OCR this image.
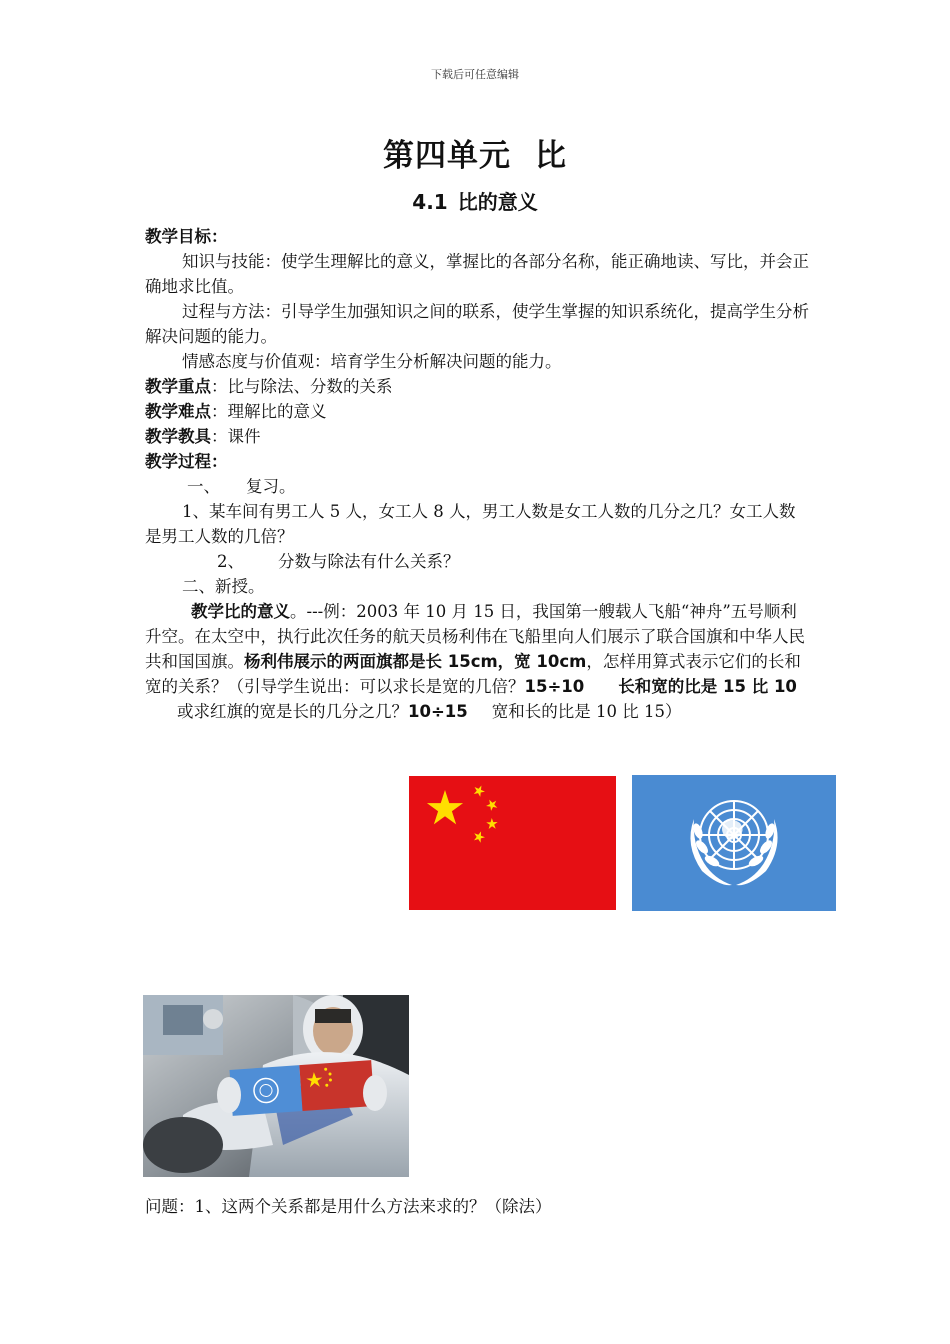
下载后可任意编辑
第四单元 比
4.1 比的意义

教学目标：

知识与技能：使学生理解比的意义，掌握比的各部分名称，能正确地读、写比，并会正确地求比值。

过程与方法：引导学生加强知识之间的联系，使学生掌握的知识系统化，提高学生分析解决问题的能力。

情感态度与价值观：培育学生分析解决问题的能力。

教学重点：比与除法、分数的关系

教学难点：理解比的意义

教学教具：课件

教学过程：

一、 复习。

1、某车间有男工人 5 人，女工人 8 人，男工人数是女工人数的几分之几？女工人数是男工人数的几倍？

2、 分数与除法有什么关系？

二、新授。

教学比的意义。---例：2003 年 10 月 15 日，我国第一艘载人飞船“神舟”五号顺利升空。在太空中，执行此次任务的航天员杨利伟在飞船里向人们展示了联合国旗和中华人民共和国国旗。杨利伟展示的两面旗都是长 15cm，宽 10cm，怎样用算式表示它们的长和宽的关系？（引导学生说出：可以求长是宽的几倍？15÷10 长和宽的比是 15 比 10或求红旗的宽是长的几分之几？10÷15 宽和长的比是 10 比 15）

问题：1、这两个关系都是用什么方法来求的？（除法）
